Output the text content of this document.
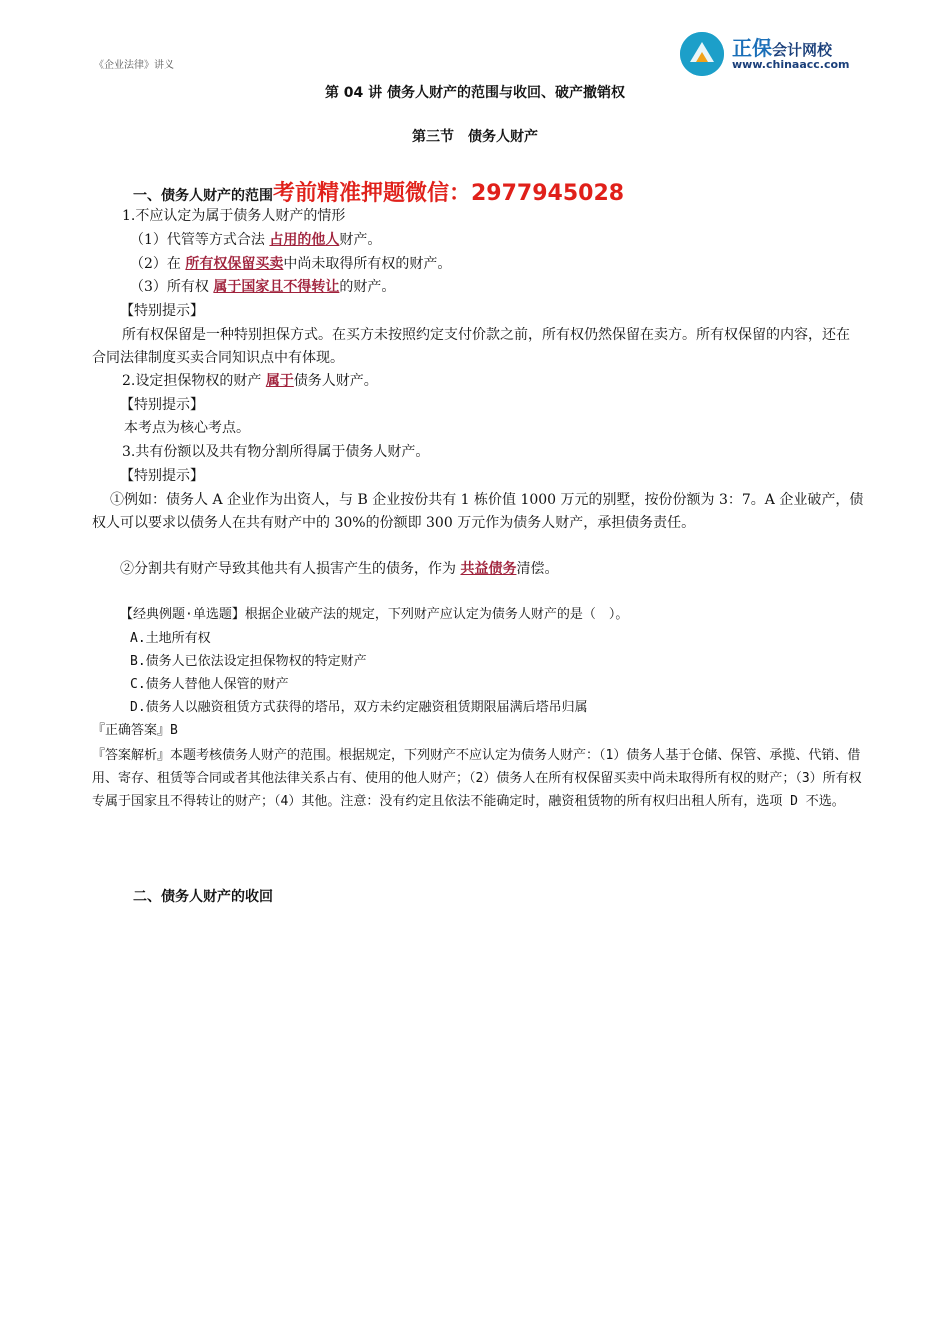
《企业法律》讲义
正保会计网校
www.chinaacc.com
第 04 讲 债务人财产的范围与收回、破产撤销权
第三节　债务人财产
一、债务人财产的范围考前精准押题微信：2977945028
1.不应认定为属于债务人财产的情形
（1）代管等方式合法 占用的他人财产。
（2）在 所有权保留买卖中尚未取得所有权的财产。
（3）所有权 属于国家且不得转让的财产。
【特别提示】
所有权保留是一种特别担保方式。在买方未按照约定支付价款之前，所有权仍然保留在卖方。所有权保留的内容，还在合同法律制度买卖合同知识点中有体现。
2.设定担保物权的财产 属于债务人财产。
【特别提示】
本考点为核心考点。
3.共有份额以及共有物分割所得属于债务人财产。
【特别提示】
①例如：债务人 A 企业作为出资人，与 B 企业按份共有 1 栋价值 1000 万元的别墅，按份份额为 3：7。A 企业破产，债权人可以要求以债务人在共有财产中的 30%的份额即 300 万元作为债务人财产，承担债务责任。
②分割共有财产导致其他共有人损害产生的债务，作为 共益债务清偿。
【经典例题·单选题】根据企业破产法的规定，下列财产应认定为债务人财产的是（　）。
A.土地所有权
B.债务人已依法设定担保物权的特定财产
C.债务人替他人保管的财产
D.债务人以融资租赁方式获得的塔吊，双方未约定融资租赁期限届满后塔吊归属
『正确答案』B
『答案解析』本题考核债务人财产的范围。根据规定，下列财产不应认定为债务人财产：（1）债务人基于仓储、保管、承揽、代销、借用、寄存、租赁等合同或者其他法律关系占有、使用的他人财产；（2）债务人在所有权保留买卖中尚未取得所有权的财产；（3）所有权专属于国家且不得转让的财产；（4）其他。注意：没有约定且依法不能确定时，融资租赁物的所有权归出租人所有，选项 D 不选。
二、债务人财产的收回
